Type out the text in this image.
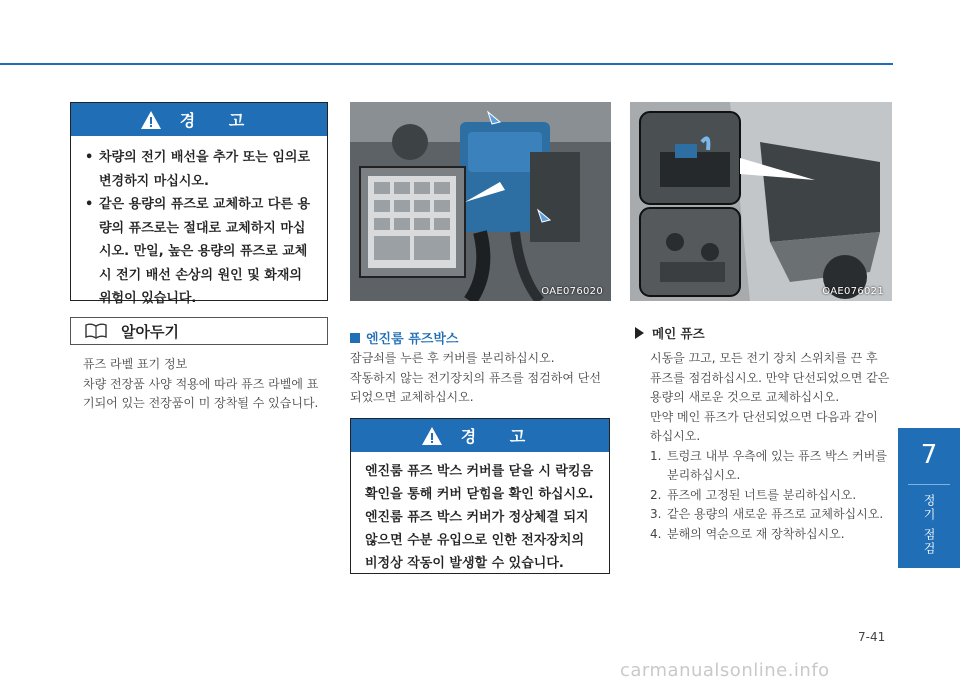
경 고
• 차량의 전기 배선을 추가 또는 임의로 변경하지 마십시오.
• 같은 용량의 퓨즈로 교체하고 다른 용량의 퓨즈로는 절대로 교체하지 마십시오. 만일, 높은 용량의 퓨즈로 교체시 전기 배선 손상의 원인 및 화재의 위험이 있습니다.
알아두기
퓨즈 라벨 표기 정보
차량 전장품 사양 적용에 따라 퓨즈 라벨에 표기되어 있는 전장품이 미 장착될 수 있습니다.
OAE076020
엔진룸 퓨즈박스
잠금쇠를 누른 후 커버를 분리하십시오.
작동하지 않는 전기장치의 퓨즈를 점검하여 단선되었으면 교체하십시오.
경 고
엔진룸 퓨즈 박스 커버를 닫을 시 락킹음 확인을 통해 커버 닫힘을 확인 하십시오. 엔진룸 퓨즈 박스 커버가 정상체결 되지 않으면 수분 유입으로 인한 전자장치의 비정상 작동이 발생할 수 있습니다.
OAE076021
메인 퓨즈
시동을 끄고, 모든 전기 장치 스위치를 끈 후 퓨즈를 점검하십시오. 만약 단선되었으면 같은 용량의 새로운 것으로 교체하십시오.
만약 메인 퓨즈가 단선되었으면 다음과 같이 하십시오.
1. 트렁크 내부 우측에 있는 퓨즈 박스 커버를 분리하십시오.
2. 퓨즈에 고정된 너트를 분리하십시오.
3. 같은 용량의 새로운 퓨즈로 교체하십시오.
4. 분해의 역순으로 재 장착하십시오.
7
정기 점검
7-41
carmanualsonline.info
